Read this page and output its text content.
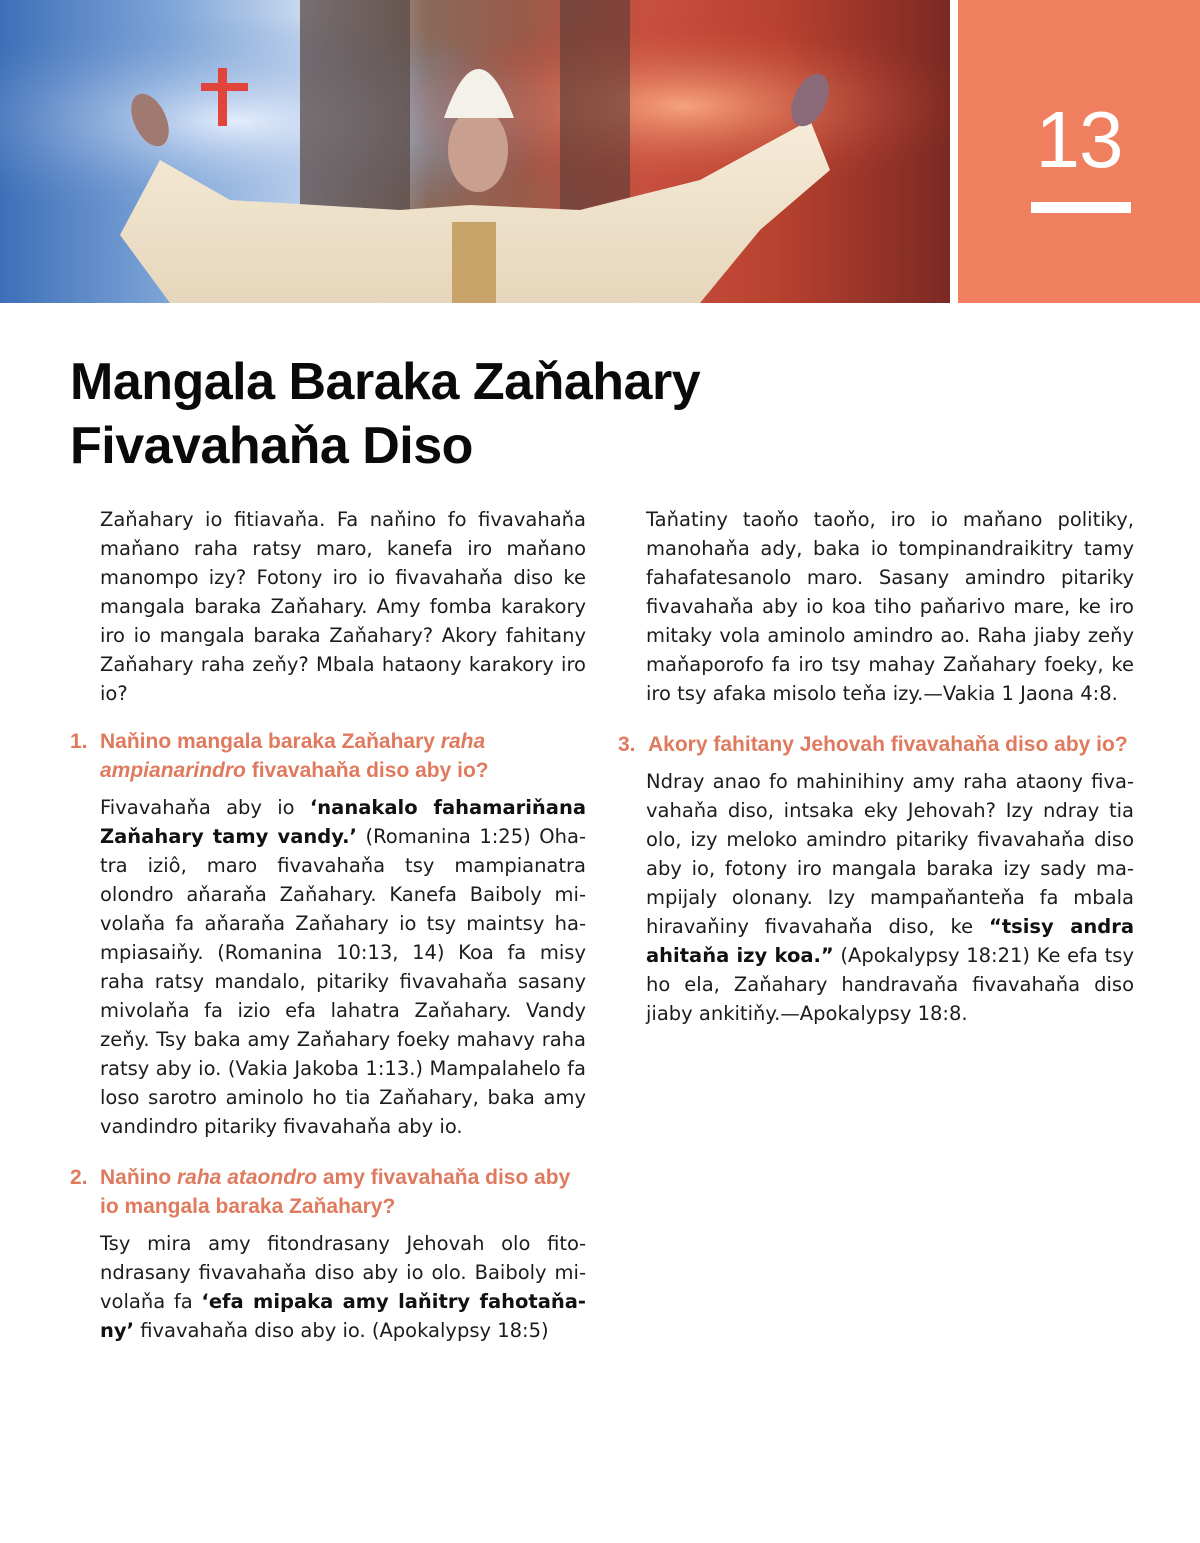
13
Mangala Baraka Zaňahary
Fivavahaňa Diso

Zaňahary io fitiavaňa. Fa naňino fo fivavahaňa maňano raha ratsy maro, kanefa iro maňano manompo izy? Fotony iro io fivavahaňa diso ke mangala baraka Zaňahary. Amy fomba karakory iro io mangala baraka Zaňahary? Akory fahitany Zaňahary raha zeňy? Mbala hataony karakory iro io?

1. Naňino mangala baraka Zaňahary raha ampianarindro fivavahaňa diso aby io?

Fivavahaňa aby io ‘nanakalo fahamariňana Zaňahary tamy vandy.’ (Romanina 1:25) Ohatra iziô, maro fivavahaňa tsy mampianatra olondro aňaraňa Zaňahary. Kanefa Baiboly mivolaňa fa aňaraňa Zaňahary io tsy maintsy hampiasaiňy. (Romanina 10:13, 14) Koa fa misy raha ratsy mandalo, pitariky fivavahaňa sasany mivolaňa fa izio efa lahatra Zaňahary. Vandy zeňy. Tsy baka amy Zaňahary foeky mahavy raha ratsy aby io. (Vakia Jakoba 1:13.) Mampalahelo fa loso sarotro aminolo ho tia Zaňahary, baka amy vandindro pitariky fivavahaňa aby io.

2. Naňino raha ataondro amy fivavahaňa diso aby io mangala baraka Zaňahary?

Tsy mira amy fitondrasany Jehovah olo fitondrasany fivavahaňa diso aby io olo. Baiboly mivolaňa fa ‘efa mipaka amy laňitry fahotaňany’ fivavahaňa diso aby io. (Apokalypsy 18:5)

Taňatiny taoňo taoňo, iro io maňano politiky, manohaňa ady, baka io tompinandraikitry tamy fahafatesanolo maro. Sasany amindro pitariky fivavahaňa aby io koa tiho paňarivo mare, ke iro mitaky vola aminolo amindro ao. Raha jiaby zeňy maňaporofo fa iro tsy mahay Zaňahary foeky, ke iro tsy afaka misolo teňa izy.—Vakia 1 Jaona 4:8.

3. Akory fahitany Jehovah fivavahaňa diso aby io?

Ndray anao fo mahinihiny amy raha ataony fivavahaňa diso, intsaka eky Jehovah? Izy ndray tia olo, izy meloko amindro pitariky fivavahaňa diso aby io, fotony iro mangala baraka izy sady mampijaly olonany. Izy mampaňanteňa fa mbala hiravaňiny fivavahaňa diso, ke “tsisy andra ahitaňa izy koa.” (Apokalypsy 18:21) Ke efa tsy ho ela, Zaňahary handravaňa fivavahaňa diso jiaby ankitiňy.—Apokalypsy 18:8.
